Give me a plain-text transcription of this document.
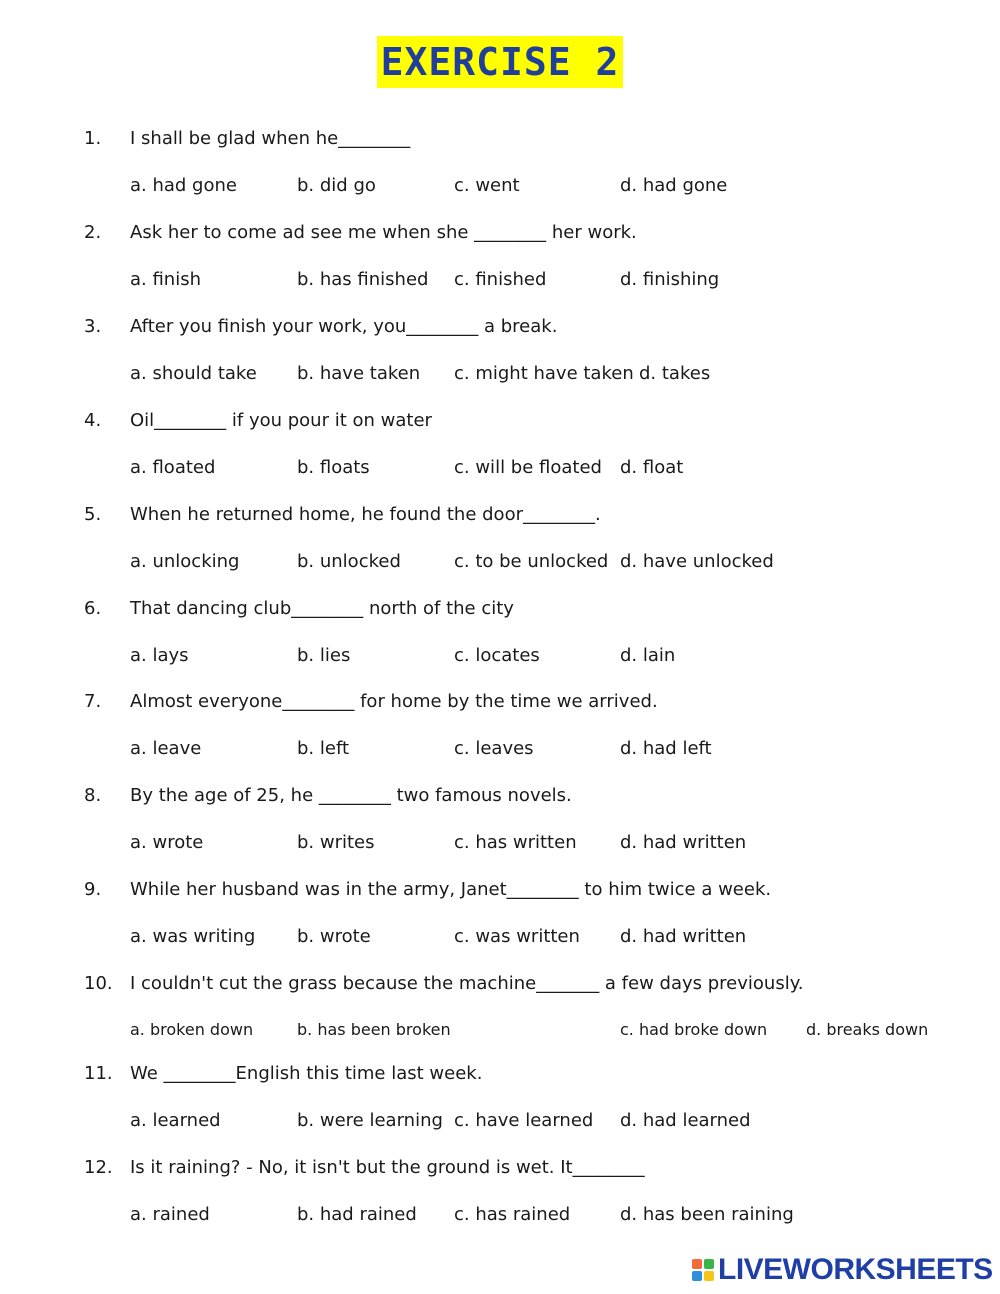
EXERCISE 2
1. I shall be glad when he________
a. had gone	b. did go	c. went	d. had gone
2. Ask her to come ad see me when she ________ her work.
a. finish	b. has finished c. finished	d. finishing
3. After you finish your work, you________ a break.
a. should take b. have taken c. might have taken d. takes
4. Oil________ if you pour it on water
a. floated	b. floats	c. will be floated d. float
5. When he returned home, he found the door________.
a. unlocking	b. unlocked	c. to be unlocked d. have unlocked
6. That dancing club________ north of the city
a. lays	b. lies	c. locates	d. lain
7. Almost everyone________ for home by the time we arrived.
a. leave	b. left	c. leaves	d. had left
8. By the age of 25, he ________ two famous novels.
a. wrote	b. writes	c. has written d. had written
9. While her husband was in the army, Janet________ to him twice a week.
a. was writing b. wrote	c. was written d. had written
10. I couldn't cut the grass because the machine_______ a few days previously.
a. broken down	b. has been broken	c. had broke down d. breaks down
11. We ________English this time last week.
a. learned	b. were learning c. have learned d. had learned
12. Is it raining? - No, it isn't but the ground is wet. It________
a. rained	b. had rained c. has rained	d. has been raining
LIVEWORKSHEETS
